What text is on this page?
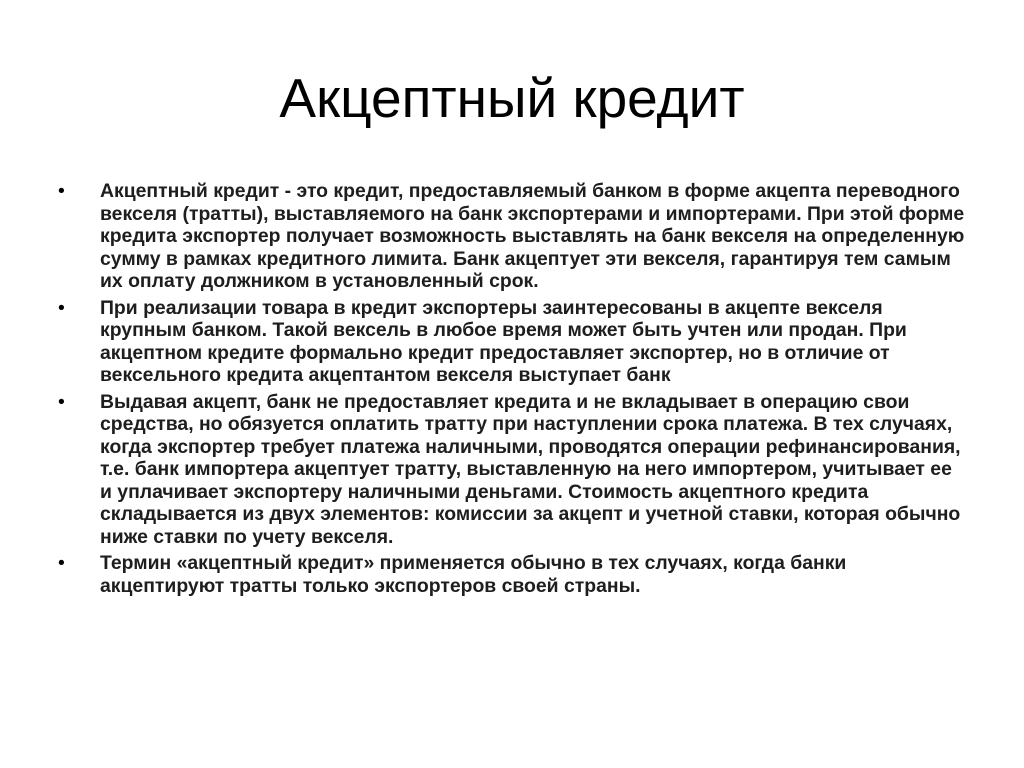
Акцептный кредит
• Акцептный кредит - это кредит, предоставляемый банком в форме акцепта переводного векселя (тратты), выставляемого на банк экспортерами и импортерами. При этой форме кредита экспортер получает возможность выставлять на банк векселя на определенную сумму в рамках кредитного лимита. Банк акцептует эти векселя, гарантируя тем самым их оплату должником в установленный срок.
• При реализации товара в кредит экспортеры заинтересованы в акцепте векселя крупным банком. Такой вексель в любое время может быть учтен или продан. При акцептном кредите формально кредит предоставляет экспортер, но в отличие от вексельного кредита акцептантом векселя выступает банк
• Выдавая акцепт, банк не предоставляет кредита и не вкладывает в операцию свои средства, но обязуется оплатить тратту при наступлении срока платежа. В тех случаях, когда экспортер требует платежа наличными, проводятся операции рефинансирования, т.е. банк импортера акцептует тратту, выставленную на него импортером, учитывает ее и уплачивает экспортеру наличными деньгами. Стоимость акцептного кредита складывается из двух элементов: комиссии за акцепт и учетной ставки, которая обычно ниже ставки по учету векселя.
• Термин «акцептный кредит» применяется обычно в тех случаях, когда банки акцептируют тратты только экспортеров своей страны.
